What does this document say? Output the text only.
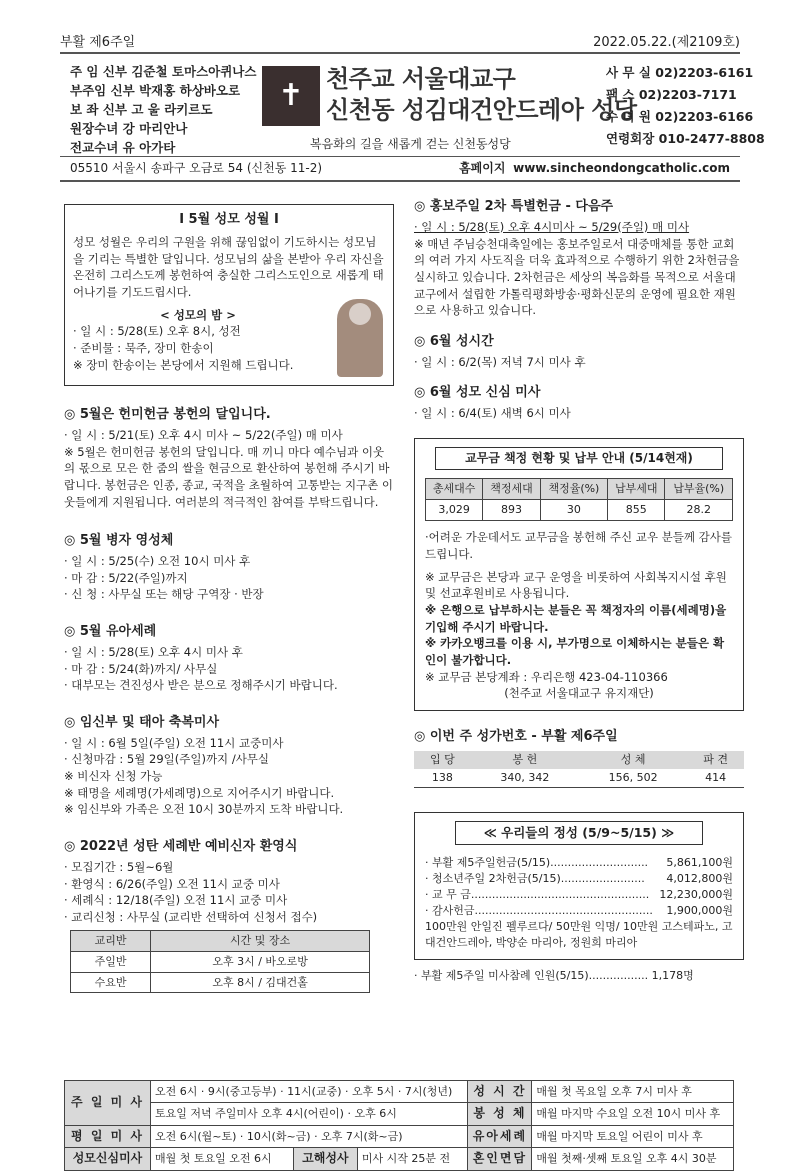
부활 제6주일	2022.05.22.(제2109호)
주 임 신부 김준철 토마스아퀴나스
부주임 신부 박재홍 하상바오로
보 좌 신부 고 울 라키르도
원장수녀 강 마리안나
전교수녀 유 아가타
✝ 천주교 서울대교구
신천동 성김대건안드레아 성당
복음화의 길을 새롭게 걷는 신천동성당
사 무 실 02)2203-6161
팩 스 02)2203-7171
수 녀 원 02)2203-6166
연령회장 010-2477-8808
05510 서울시 송파구 오금로 54 (신천동 11-2)	홈페이지 www.sincheondongcatholic.com
Ⅰ 5월 성모 성월 Ⅰ
성모 성월은 우리의 구원을 위해 끊임없이 기도하시는 성모님을 기리는 특별한 달입니다. 성모님의 삶을 본받아 우리 자신을 온전히 그리스도께 봉헌하여 충실한 그리스도인으로 새롭게 태어나기를 기도드립시다.
< 성모의 밤 >
· 일 시 : 5/28(토) 오후 8시, 성전
· 준비물 : 묵주, 장미 한송이
※ 장미 한송이는 본당에서 지원해 드립니다.
◎ 5월은 헌미헌금 봉헌의 달입니다.
· 일 시 : 5/21(토) 오후 4시 미사 ~ 5/22(주일) 매 미사
※ 5월은 헌미헌금 봉헌의 달입니다. 매 끼니 마다 예수님과 이웃의 몫으로 모은 한 줌의 쌀을 현금으로 환산하여 봉헌해 주시기 바랍니다. 봉헌금은 인종, 종교, 국적을 초월하여 고통받는 지구촌 이웃들에게 지원됩니다. 여러분의 적극적인 참여를 부탁드립니다.
◎ 5월 병자 영성체
· 일 시 : 5/25(수) 오전 10시 미사 후
· 마 감 : 5/22(주일)까지
· 신 청 : 사무실 또는 해당 구역장 · 반장
◎ 5월 유아세례
· 일 시 : 5/28(토) 오후 4시 미사 후
· 마 감 : 5/24(화)까지/ 사무실
· 대부모는 견진성사 받은 분으로 정해주시기 바랍니다.
◎ 임신부 및 태아 축복미사
· 일 시 : 6월 5일(주일) 오전 11시 교중미사
· 신청마감 : 5월 29일(주일)까지 /사무실
※ 비신자 신청 가능
※ 태명을 세례명(가세례명)으로 지어주시기 바랍니다.
※ 임신부와 가족은 오전 10시 30분까지 도착 바랍니다.
◎ 2022년 성탄 세례반 예비신자 환영식
· 모집기간 : 5월~6월
· 환영식 : 6/26(주일) 오전 11시 교중 미사
· 세례식 : 12/18(주일) 오전 11시 교중 미사
· 교리신청 : 사무실 (교리반 선택하여 신청서 접수)
교리반	시간 및 장소
주일반	오후 3시 / 바오로방
수요반	오후 8시 / 김대건홀
◎ 홍보주일 2차 특별헌금 - 다음주
· 일 시 : 5/28(토) 오후 4시미사 ~ 5/29(주일) 매 미사
※ 매년 주님승천대축일에는 홍보주일로서 대중매체를 통한 교회의 여러 가지 사도직을 더욱 효과적으로 수행하기 위한 2차헌금을 실시하고 있습니다. 2차헌금은 세상의 복음화를 목적으로 서울대교구에서 설립한 가톨릭평화방송·평화신문의 운영에 필요한 재원으로 사용하고 있습니다.
◎ 6월 성시간
· 일 시 : 6/2(목) 저녁 7시 미사 후
◎ 6월 성모 신심 미사
· 일 시 : 6/4(토) 새벽 6시 미사
교무금 책정 현황 및 납부 안내 (5/14현재)
총세대수	책정세대	책정율(%)	납부세대	납부율(%)
3,029	893	30	855	28.2
·어려운 가운데서도 교무금을 봉헌해 주신 교우 분들께 감사를 드립니다.
※ 교무금은 본당과 교구 운영을 비롯하여 사회복지시설 후원 및 선교후원비로 사용됩니다.
※ 은행으로 납부하시는 분들은 꼭 책정자의 이름(세례명)을 기입해 주시기 바랍니다.
※ 카카오뱅크를 이용 시, 부가명으로 이체하시는 분들은 확인이 불가합니다.
※ 교무금 본당계좌 : 우리은행 423-04-110366
(천주교 서울대교구 유지재단)
◎ 이번 주 성가번호 - 부활 제6주일
입 당	봉 헌	성 체	파 견
138	340, 342	156, 502	414
≪ 우리들의 정성 (5/9~5/15) ≫
· 부활 제5주일헌금(5/15)............................ 5,861,100원
· 청소년주일 2차헌금(5/15)........................ 4,012,800원
· 교 무 금................................................... 12,230,000원
· 감사헌금................................................... 1,900,000원
100만원 안일진 펠루르다/ 50만원 익명/ 10만원 고스테파노, 고대건안드레아, 박양순 마리아, 정원희 마리아
· 부활 제5주일 미사참례 인원(5/15)................. 1,178명
주 일 미 사	오전 6시 · 9시(중고등부) · 11시(교중) · 오후 5시 · 7시(청년)			성 시 간	매월 첫 목요일 오후 7시 미사 후
	토요일 저녁 주일미사 오후 4시(어린이) · 오후 6시			봉 성 체	매월 마지막 수요일 오전 10시 미사 후
평 일 미 사	오전 6시(월~토) · 10시(화~금) · 오후 7시(화~금)			유아세례	매월 마지막 토요일 어린이 미사 후
성모신심미사	매월 첫 토요일 오전 6시	고해성사	미사 시작 25분 전	혼인면담	매월 첫째·셋째 토요일 오후 4시 30분
